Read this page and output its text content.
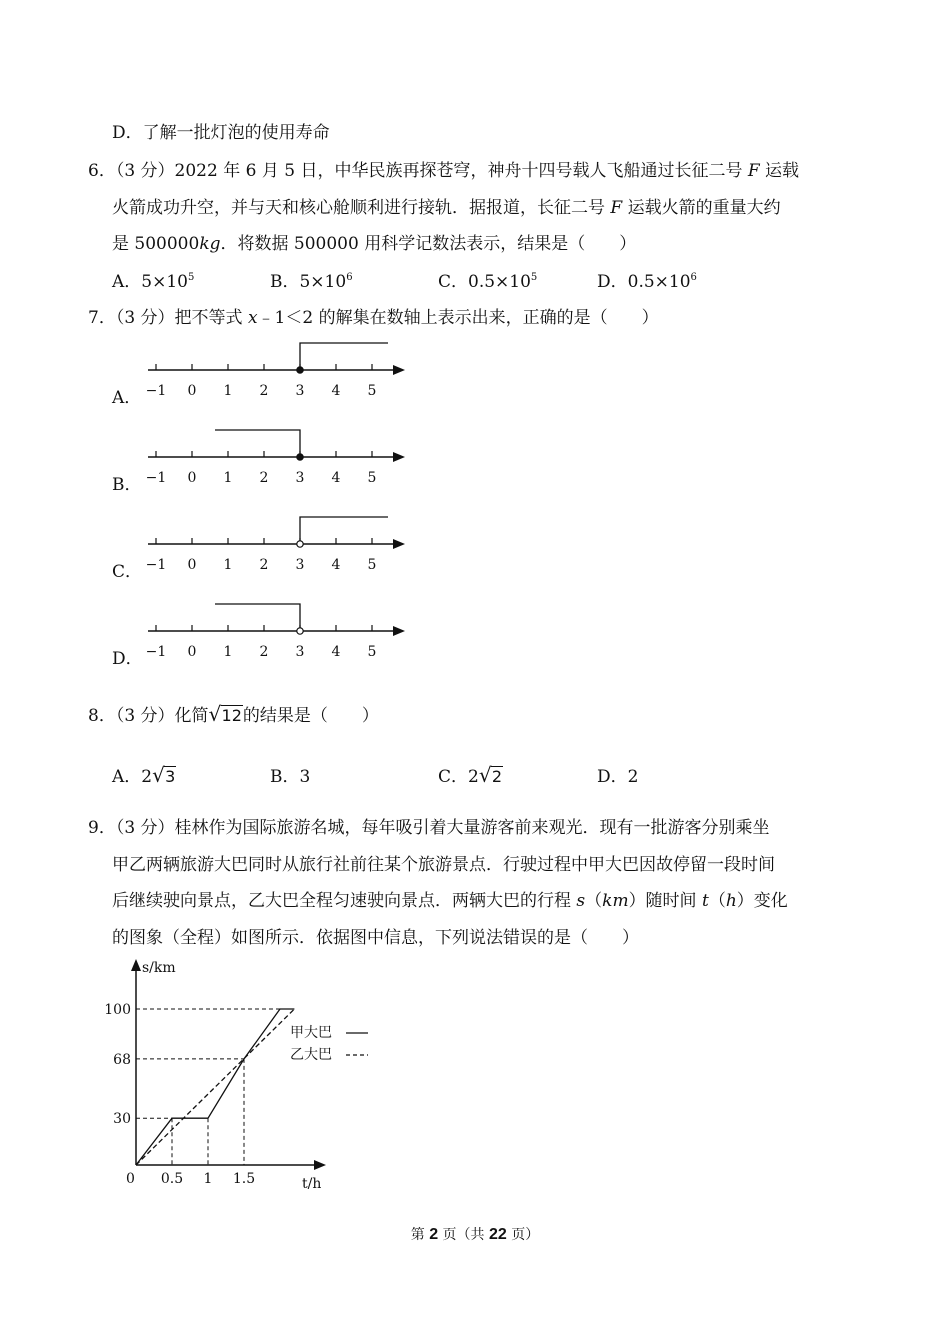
D．了解一批灯泡的使用寿命
6．（3 分）2022 年 6 月 5 日，中华民族再探苍穹，神舟十四号载人飞船通过长征二号 F 运载
火箭成功升空，并与天和核心舱顺利进行接轨．据报道，长征二号 F 运载火箭的重量大约
是 500000kg．将数据 500000 用科学记数法表示，结果是（　　）
A．$5\times 10^5$	B．$5\times 10^6$	C．$0.5\times 10^5$	D．$0.5\times 10^6$
7．（3 分）把不等式 x﹣1＜2 的解集在数轴上表示出来，正确的是（　　）
A．
B．
C．
D．
−1 0 1 2 3 4 5
−1 0 1 2 3 4 5
−1 0 1 2 3 4 5
−1 0 1 2 3 4 5
8．（3 分）化简 √ 12的结果是（　　）
A．2 √ 3	B．3	C．2 √ 2	D．2
9．（3 分）桂林作为国际旅游名城，每年吸引着大量游客前来观光．现有一批游客分别乘坐
甲乙两辆旅游大巴同时从旅行社前往某个旅游景点．行驶过程中甲大巴因故停留一段时间
后继续驶向景点，乙大巴全程匀速驶向景点．两辆大巴的行程 s（km）随时间 t（h）变化
的图象（全程）如图所示．依据图中信息，下列说法错误的是（　　）
s/km
t/h
0
30
68
100
0.5 1 1.5
甲大巴
乙大巴
第 2 页（共 22 页）
